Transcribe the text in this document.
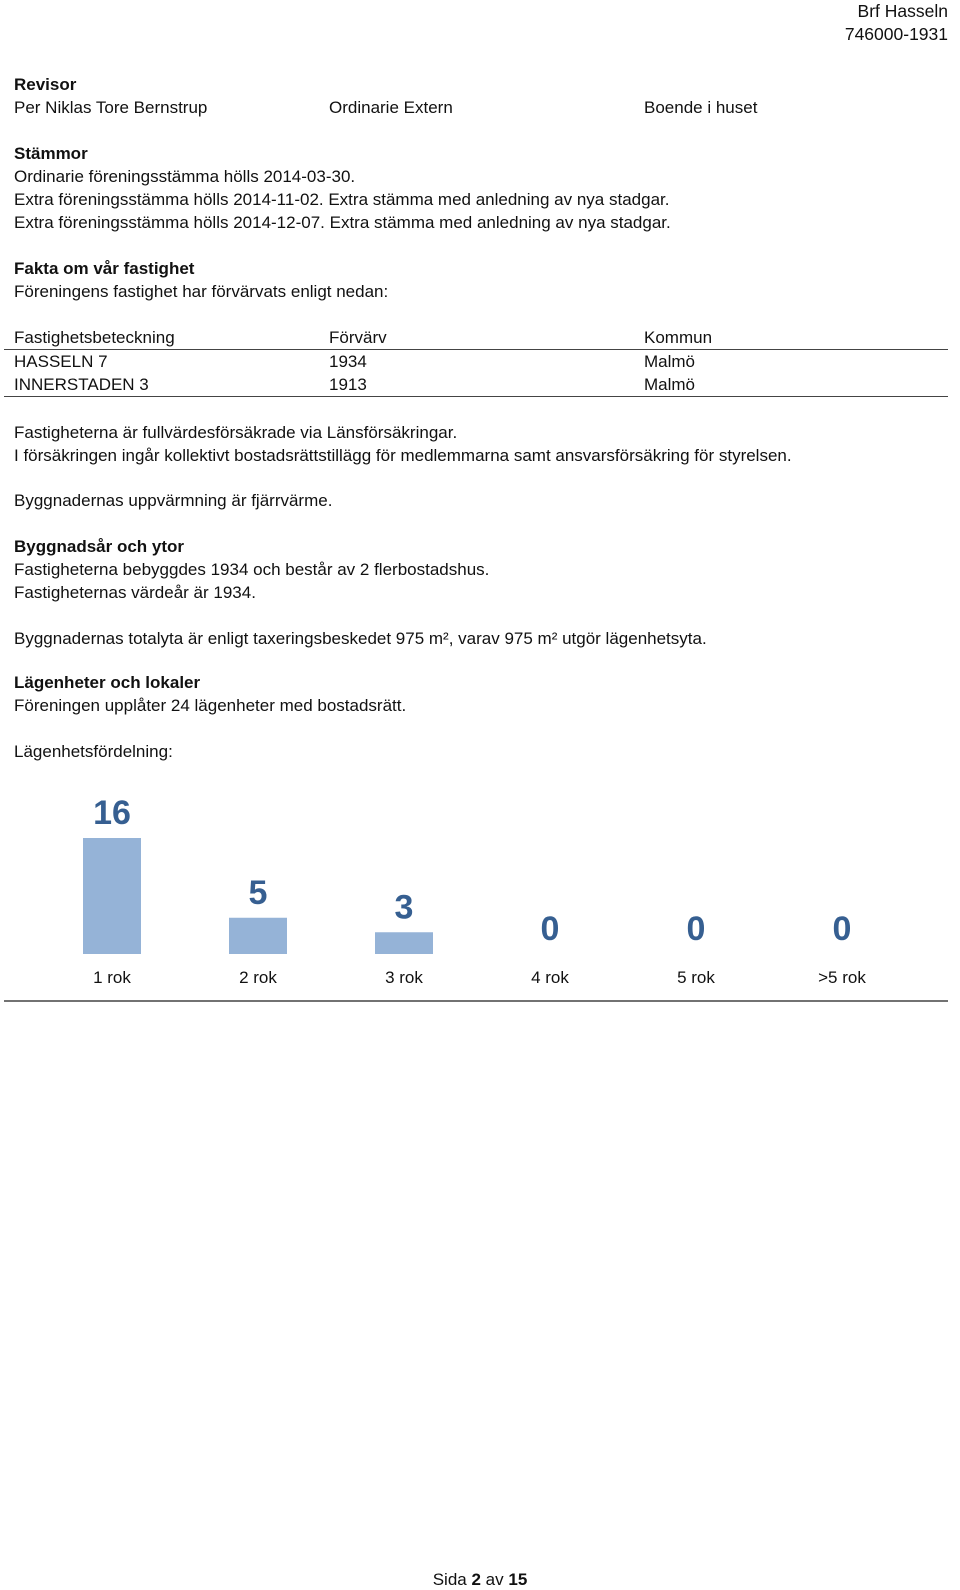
Brf Hasseln
746000-1931
Revisor
Per Niklas Tore Bernstrup	Ordinarie Extern	Boende i huset
Stämmor
Ordinarie föreningsstämma hölls 2014-03-30.
Extra föreningsstämma hölls 2014-11-02. Extra stämma med anledning av nya stadgar.
Extra föreningsstämma hölls 2014-12-07. Extra stämma med anledning av nya stadgar.
Fakta om vår fastighet
Föreningens fastighet har förvärvats enligt nedan:
Fastighetsbeteckning	Förvärv	Kommun
HASSELN 7	1934	Malmö
INNERSTADEN 3	1913	Malmö
Fastigheterna är fullvärdesförsäkrade via Länsförsäkringar.
I försäkringen ingår kollektivt bostadsrättstillägg för medlemmarna samt ansvarsförsäkring för styrelsen.
Byggnadernas uppvärmning är fjärrvärme.
Byggnadsår och ytor
Fastigheterna bebyggdes 1934 och består av 2 flerbostadshus.
Fastigheternas värdeår är 1934.
Byggnadernas totalyta är enligt taxeringsbeskedet 975 m², varav 975 m² utgör lägenhetsyta.
Lägenheter och lokaler
Föreningen upplåter 24 lägenheter med bostadsrätt.
Lägenhetsfördelning:
16
1 rok
5
2 rok
3
3 rok
0
4 rok
0
5 rok
0
>5 rok
Sida 2 av 15
